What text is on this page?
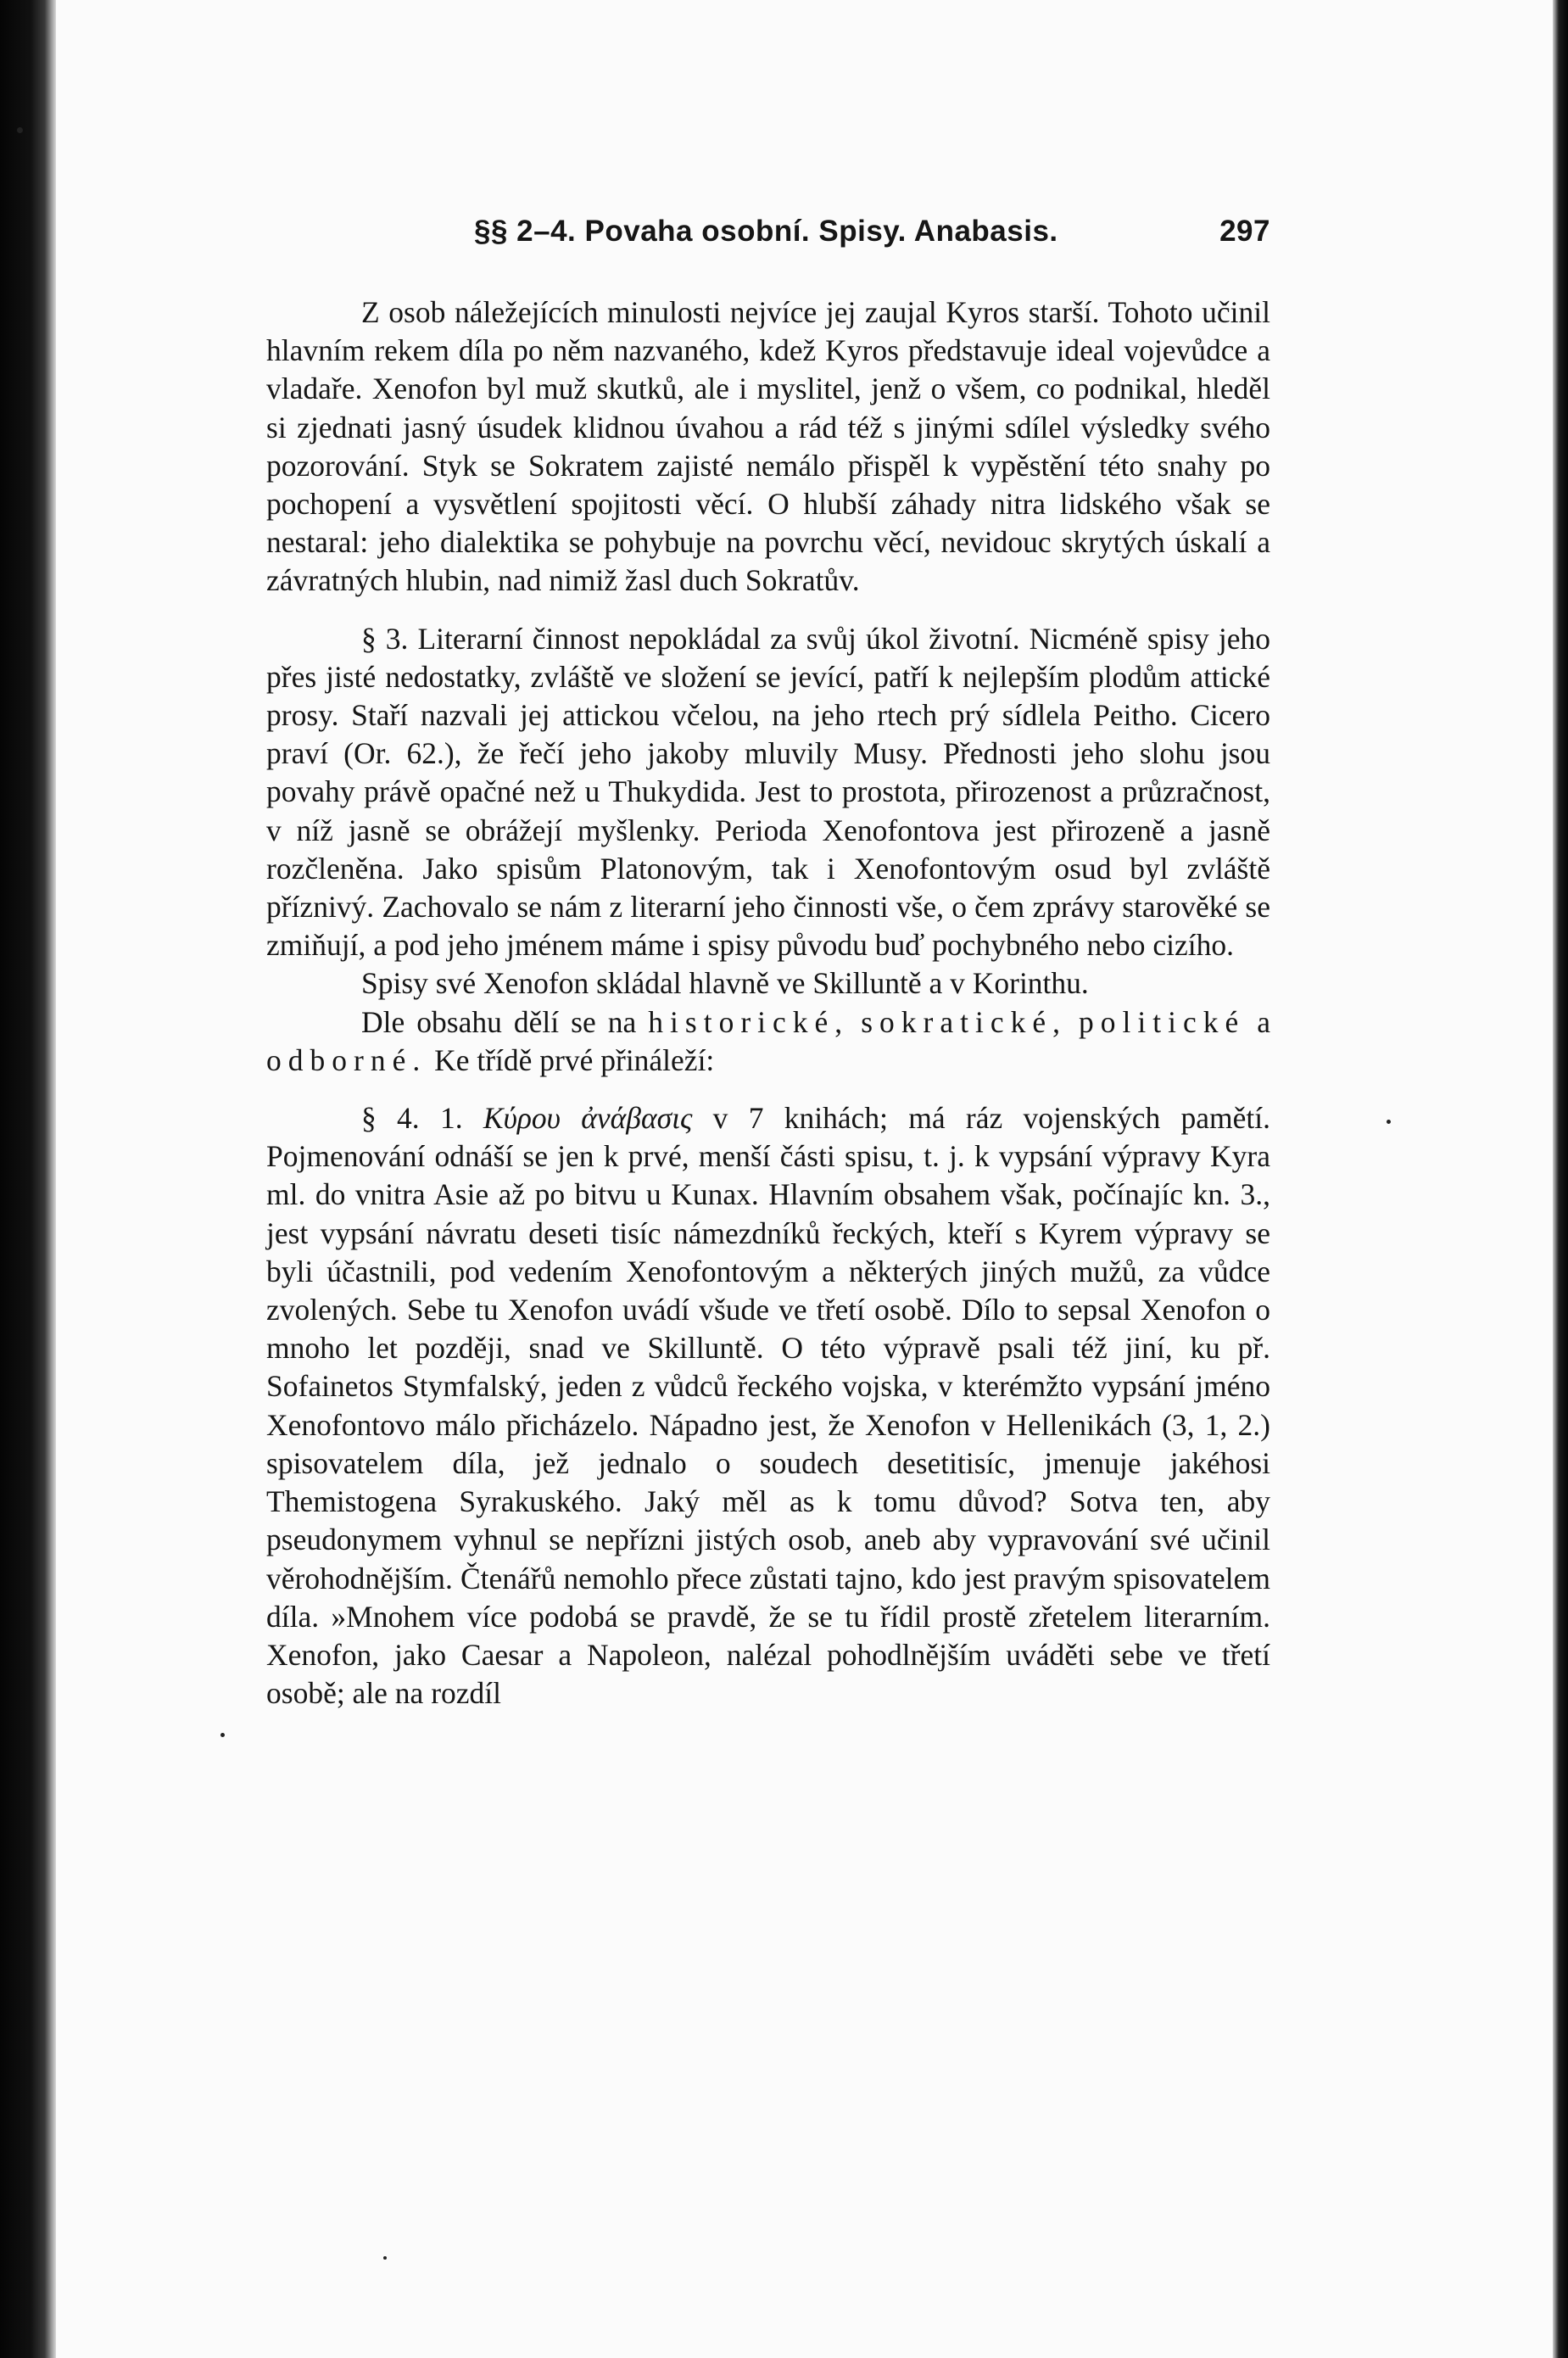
§§ 2–4. Povaha osobní. Spisy. Anabasis.	297

Z osob náležejících minulosti nejvíce jej zaujal Kyros starší. Tohoto učinil hlavním rekem díla po něm nazvaného, kdež Kyros představuje ideal vojevůdce a vladaře. Xenofon byl muž skutků, ale i myslitel, jenž o všem, co podnikal, hleděl si zjednati jasný úsudek klidnou úvahou a rád též s jinými sdílel výsledky svého pozorování. Styk se Sokratem zajisté nemálo přispěl k vypěstění této snahy po pochopení a vysvětlení spojitosti věcí. O hlubší záhady nitra lidského však se nestaral: jeho dialektika se pohybuje na povrchu věcí, nevidouc skrytých úskalí a závratných hlubin, nad nimiž žasl duch Sokratův.

§ 3. Literarní činnost nepokládal za svůj úkol životní. Nicméně spisy jeho přes jisté nedostatky, zvláště ve složení se jevící, patří k nejlepším plodům attické prosy. Staří nazvali jej attickou včelou, na jeho rtech prý sídlela Peitho. Cicero praví (Or. 62.), že řečí jeho jakoby mluvily Musy. Přednosti jeho slohu jsou povahy právě opačné než u Thukydida. Jest to prostota, přirozenost a průzračnost, v níž jasně se obrážejí myšlenky. Perioda Xenofontova jest přirozeně a jasně rozčleněna. Jako spisům Platonovým, tak i Xenofontovým osud byl zvláště příznivý. Zachovalo se nám z literarní jeho činnosti vše, o čem zprávy starověké se zmiňují, a pod jeho jménem máme i spisy původu buď pochybného nebo cizího.

Spisy své Xenofon skládal hlavně ve Skilluntě a v Korinthu.

Dle obsahu dělí se na historické, sokratické, politické a odborné. Ke třídě prvé přináleží:

§ 4. 1. Κύρου ἀνάβασις v 7 knihách; má ráz vojenských pamětí. Pojmenování odnáší se jen k prvé, menší části spisu, t. j. k vypsání výpravy Kyra ml. do vnitra Asie až po bitvu u Kunax. Hlavním obsahem však, počínajíc kn. 3., jest vypsání návratu deseti tisíc námezdníků řeckých, kteří s Kyrem výpravy se byli účastnili, pod vedením Xenofontovým a některých jiných mužů, za vůdce zvolených. Sebe tu Xenofon uvádí všude ve třetí osobě. Dílo to sepsal Xenofon o mnoho let později, snad ve Skilluntě. O této výpravě psali též jiní, ku př. Sofainetos Stymfalský, jeden z vůdců řeckého vojska, v kterémžto vypsání jméno Xenofontovo málo přicházelo. Nápadno jest, že Xenofon v Hellenikách (3, 1, 2.) spisovatelem díla, jež jednalo o soudech desetitisíc, jmenuje jakéhosi Themistogena Syrakuského. Jaký měl as k tomu důvod? Sotva ten, aby pseudonymem vyhnul se nepřízni jistých osob, aneb aby vypravování své učinil věrohodnějším. Čtenářů nemohlo přece zůstati tajno, kdo jest pravým spisovatelem díla. »Mnohem více podobá se pravdě, že se tu řídil prostě zřetelem literarním. Xenofon, jako Caesar a Napoleon, nalézal pohodlnějším uváděti sebe ve třetí osobě; ale na rozdíl
